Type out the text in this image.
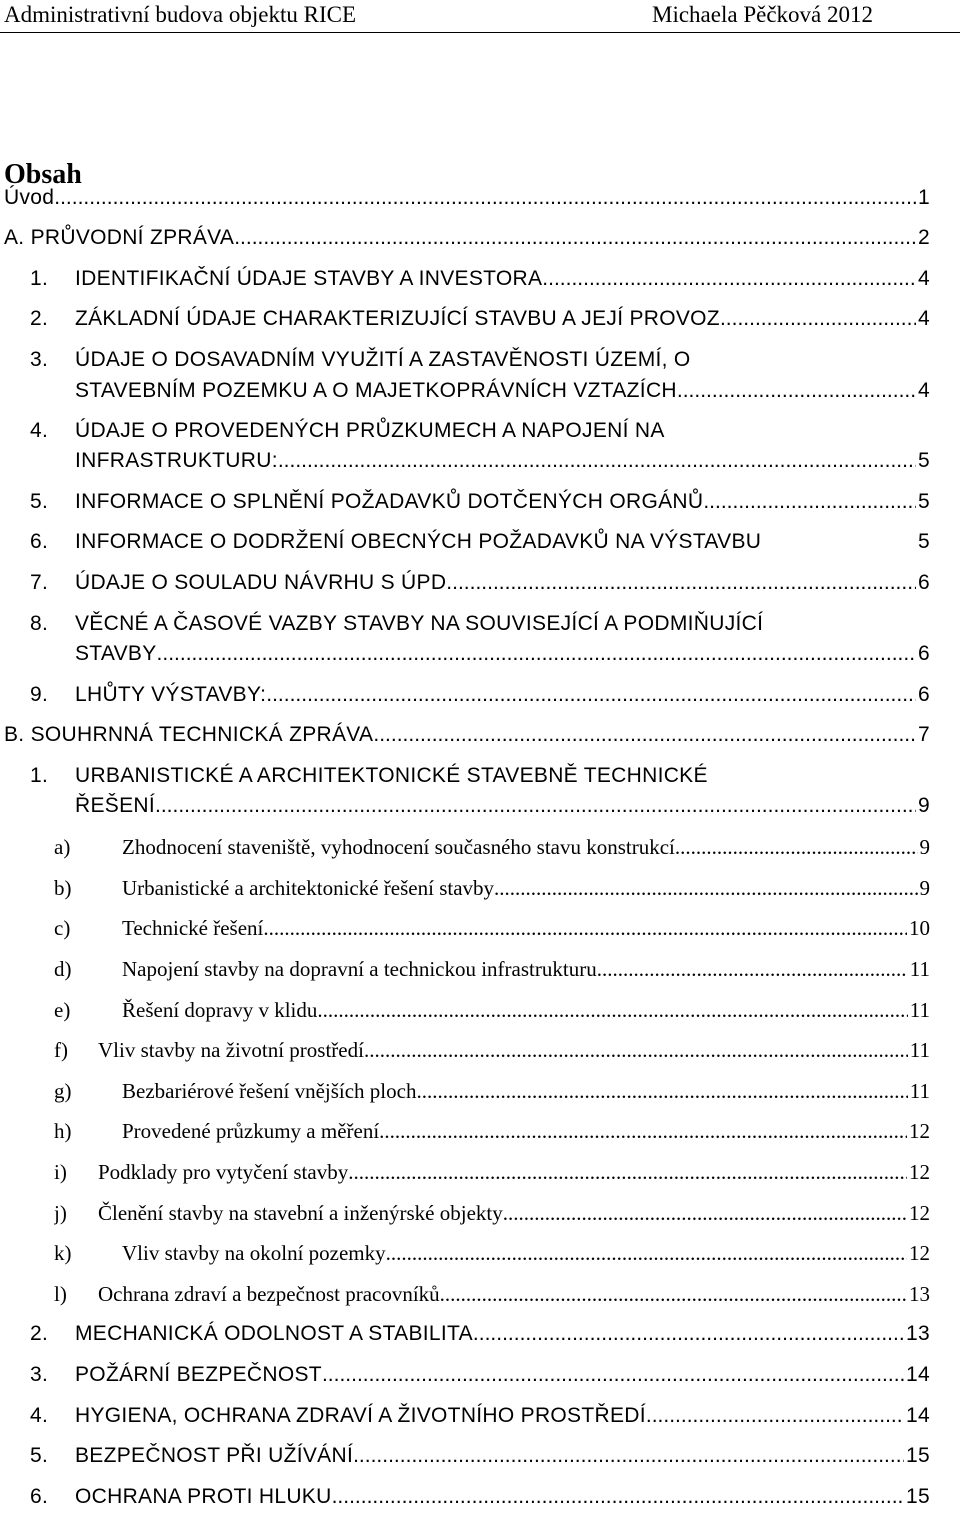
Administrativní budova objektu RICE	Michaela Pěčková 2012
Obsah
Úvod .....	1
A. PRŮVODNÍ ZPRÁVA .....	2
1. IDENTIFIKAČNÍ ÚDAJE STAVBY A INVESTORA .....	4
2. ZÁKLADNÍ ÚDAJE CHARAKTERIZUJÍCÍ STAVBU A JEJÍ PROVOZ .....	4
3. ÚDAJE O DOSAVADNÍM VYUŽITÍ A ZASTAVĚNOSTI ÚZEMÍ, O
STAVEBNÍM POZEMKU A O MAJETKOPRÁVNÍCH VZTAZÍCH .....	4
4. ÚDAJE O PROVEDENÝCH PRŮZKUMECH A NAPOJENÍ NA
INFRASTRUKTURU: .....	5
5. INFORMACE O SPLNĚNÍ POŽADAVKŮ DOTČENÝCH ORGÁNŮ .....	5
6. INFORMACE O DODRŽENÍ OBECNÝCH POŽADAVKŮ NA VÝSTAVBU	5
7. ÚDAJE O SOULADU NÁVRHU S ÚPD .....	6
8. VĚCNÉ A ČASOVÉ VAZBY STAVBY NA SOUVISEJÍCÍ A PODMIŇUJÍCÍ
STAVBY .....	6
9. LHŮTY VÝSTAVBY: .....	6
B. SOUHRNNÁ TECHNICKÁ ZPRÁVA .....	7
1. URBANISTICKÉ A ARCHITEKTONICKÉ STAVEBNĚ TECHNICKÉ
ŘEŠENÍ .....	9
a) Zhodnocení staveniště, vyhodnocení současného stavu konstrukcí .....	9
b) Urbanistické a architektonické řešení stavby .....	9
c) Technické řešení .....	10
d) Napojení stavby na dopravní a technickou infrastrukturu .....	11
e) Řešení dopravy v klidu .....	11
f) Vliv stavby na životní prostředí .....	11
g) Bezbariérové řešení vnějších ploch .....	11
h) Provedené průzkumy a měření .....	12
i) Podklady pro vytyčení stavby .....	12
j) Členění stavby na stavební a inženýrské objekty .....	12
k) Vliv stavby na okolní pozemky .....	12
l) Ochrana zdraví a bezpečnost pracovníků .....	13
2. MECHANICKÁ ODOLNOST A STABILITA .....	13
3. POŽÁRNÍ BEZPEČNOST .....	14
4. HYGIENA, OCHRANA ZDRAVÍ A ŽIVOTNÍHO PROSTŘEDÍ .....	14
5. BEZPEČNOST PŘI UŽÍVÁNÍ .....	15
6. OCHRANA PROTI HLUKU .....	15
